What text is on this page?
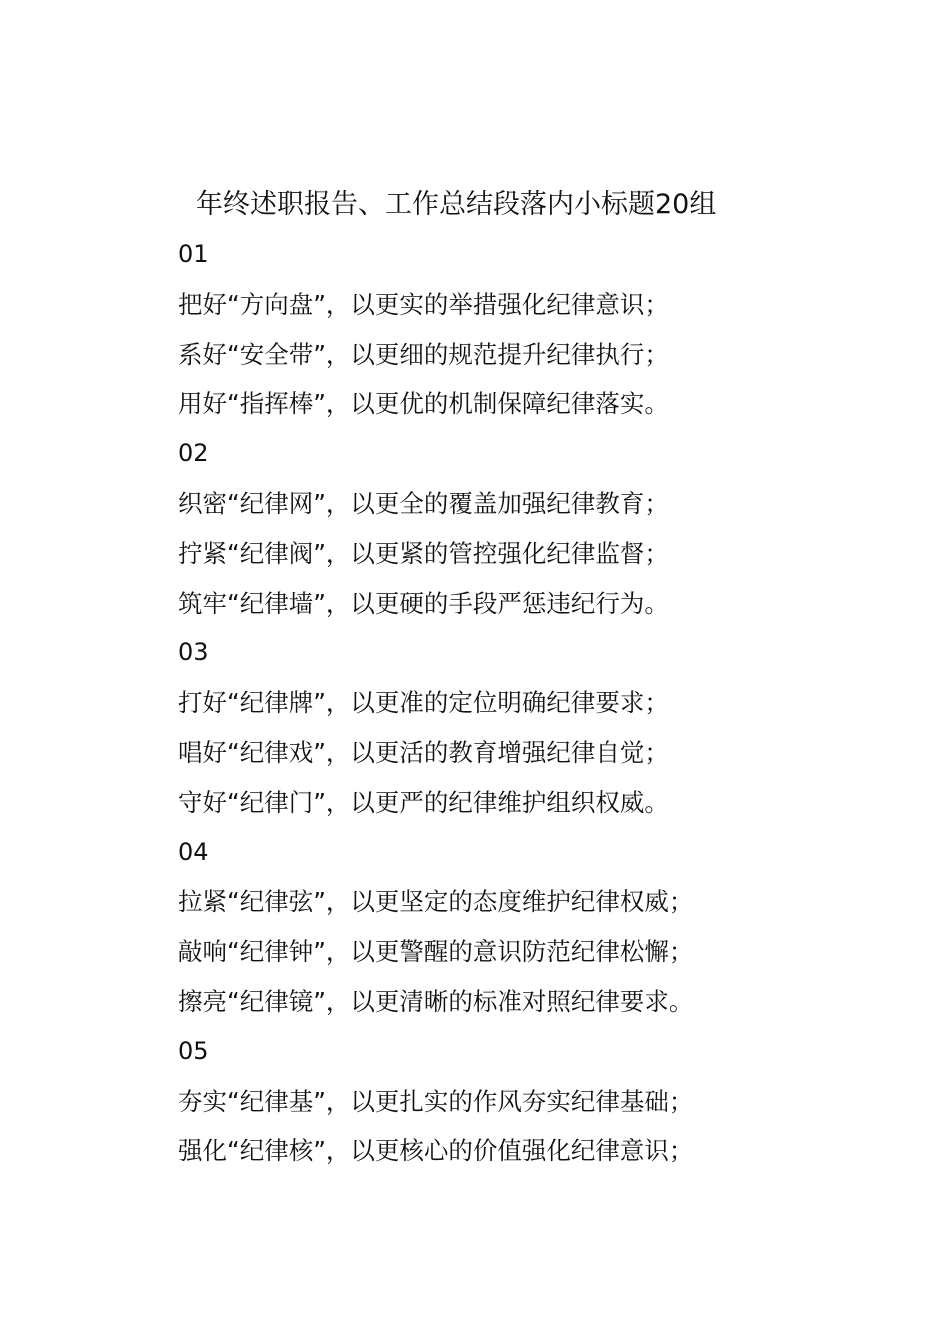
年终述职报告、工作总结段落内小标题20组
01
把好“方向盘”，以更实的举措强化纪律意识；
系好“安全带”，以更细的规范提升纪律执行；
用好“指挥棒”，以更优的机制保障纪律落实。
02
织密“纪律网”，以更全的覆盖加强纪律教育；
拧紧“纪律阀”，以更紧的管控强化纪律监督；
筑牢“纪律墙”，以更硬的手段严惩违纪行为。
03
打好“纪律牌”，以更准的定位明确纪律要求；
唱好“纪律戏”，以更活的教育增强纪律自觉；
守好“纪律门”，以更严的纪律维护组织权威。
04
拉紧“纪律弦”，以更坚定的态度维护纪律权威；
敲响“纪律钟”，以更警醒的意识防范纪律松懈；
擦亮“纪律镜”，以更清晰的标准对照纪律要求。
05
夯实“纪律基”，以更扎实的作风夯实纪律基础；
强化“纪律核”，以更核心的价值强化纪律意识；
